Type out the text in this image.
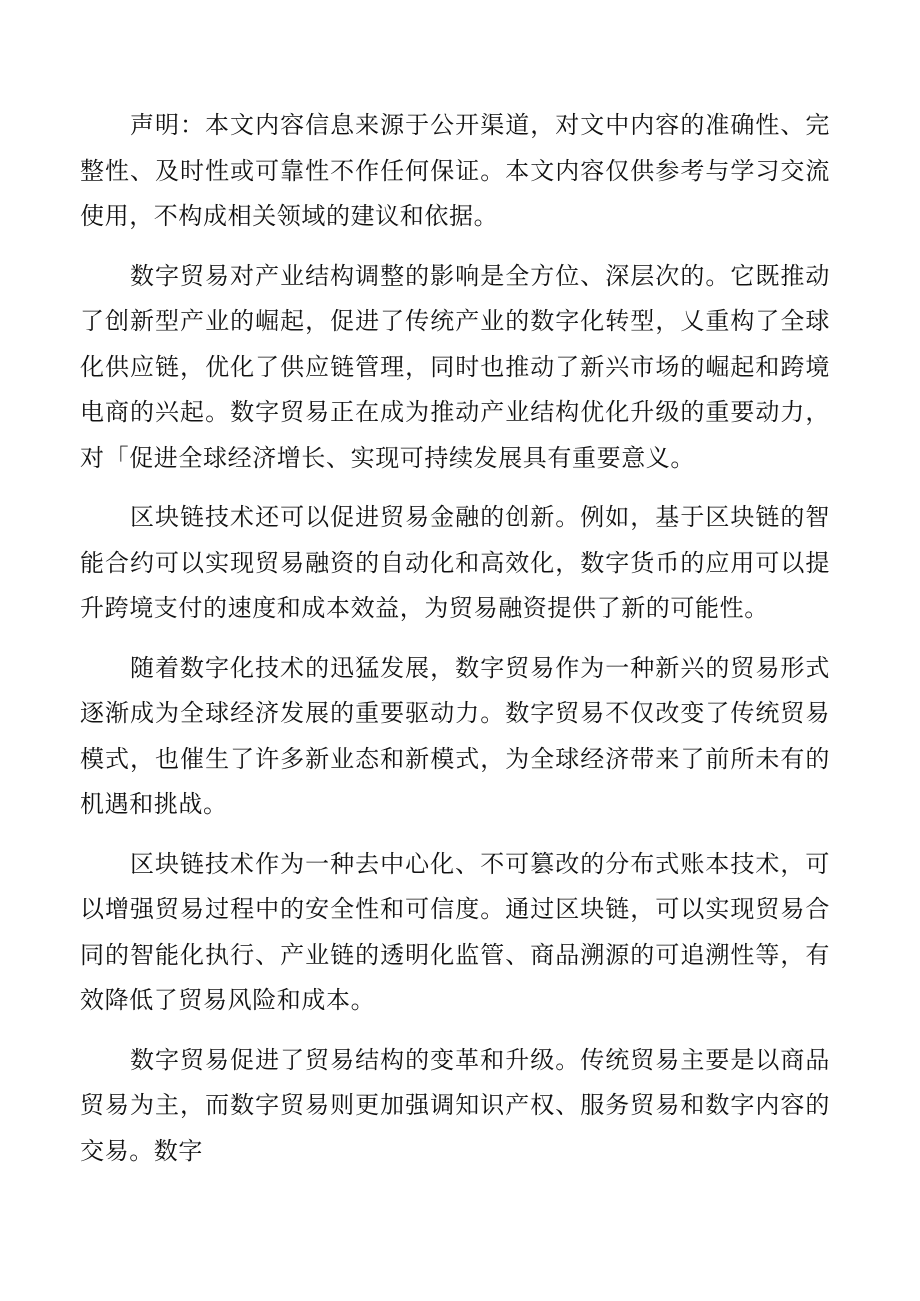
声明：本文内容信息来源于公开渠道，对文中内容的准确性、完整性、及时性或可靠性不作任何保证。本文内容仅供参考与学习交流使用，不构成相关领域的建议和依据。

数字贸易对产业结构调整的影响是全方位、深层次的。它既推动了创新型产业的崛起，促进了传统产业的数字化转型，乂重构了全球化供应链，优化了供应链管理，同时也推动了新兴市场的崛起和跨境电商的兴起。数字贸易正在成为推动产业结构优化升级的重要动力，对「促进全球经济增长、实现可持续发展具有重要意义。

区块链技术还可以促进贸易金融的创新。例如，基于区块链的智能合约可以实现贸易融资的自动化和高效化，数字货币的应用可以提升跨境支付的速度和成本效益，为贸易融资提供了新的可能性。

随着数字化技术的迅猛发展，数字贸易作为一种新兴的贸易形式逐渐成为全球经济发展的重要驱动力。数字贸易不仅改变了传统贸易模式，也催生了许多新业态和新模式，为全球经济带来了前所未有的机遇和挑战。

区块链技术作为一种去中心化、不可篡改的分布式账本技术，可以增强贸易过程中的安全性和可信度。通过区块链，可以实现贸易合同的智能化执行、产业链的透明化监管、商品溯源的可追溯性等，有效降低了贸易风险和成本。

数字贸易促进了贸易结构的变革和升级。传统贸易主要是以商品贸易为主，而数字贸易则更加强调知识产权、服务贸易和数字内容的交易。数字
